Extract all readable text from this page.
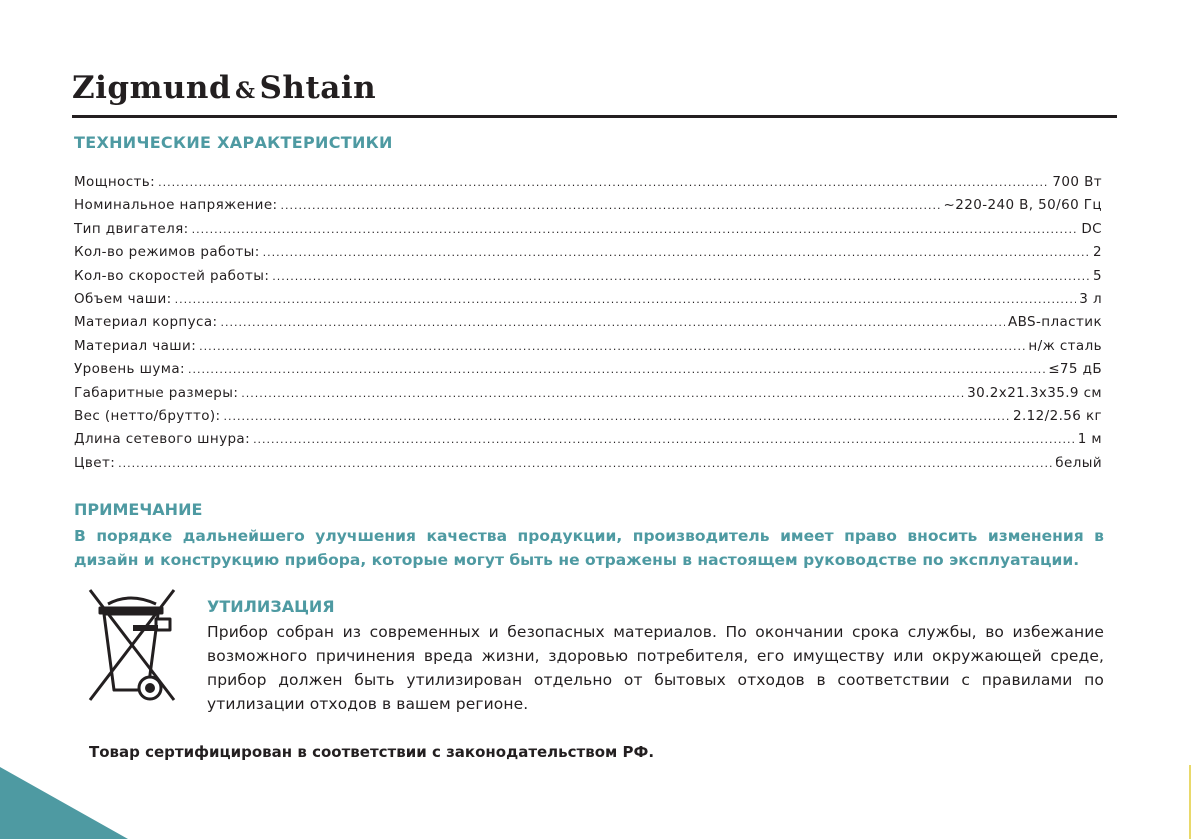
Zigmund & Shtain
ТЕХНИЧЕСКИЕ ХАРАКТЕРИСТИКИ
Мощность: .....	700 Вт
Номинальное напряжение: .....	~220-240 В, 50/60 Гц
Тип двигателя: .....	DC
Кол-во режимов работы: .....	2
Кол-во скоростей работы: .....	5
Объем чаши: .....	3 л
Материал корпуса: .....	ABS-пластик
Материал чаши: .....	н/ж сталь
Уровень шума: .....	≤75 дБ
Габаритные размеры: .....	30.2x21.3x35.9 см
Вес (нетто/брутто): .....	2.12/2.56 кг
Длина сетевого шнура: .....	1 м
Цвет: .....	белый
ПРИМЕЧАНИЕ
В порядке дальнейшего улучшения качества продукции, производитель имеет право вносить изменения в дизайн и конструкцию прибора, которые могут быть не отражены в настоящем руководстве по эксплуатации.
УТИЛИЗАЦИЯ
Прибор собран из современных и безопасных материалов. По окончании срока службы, во избежание возможного причинения вреда жизни, здоровью потребителя, его имуществу или окружающей среде, прибор должен быть утилизирован отдельно от бытовых отходов в соответствии с правилами по утилизации отходов в вашем регионе.
Товар сертифицирован в соответствии с законодательством РФ.
